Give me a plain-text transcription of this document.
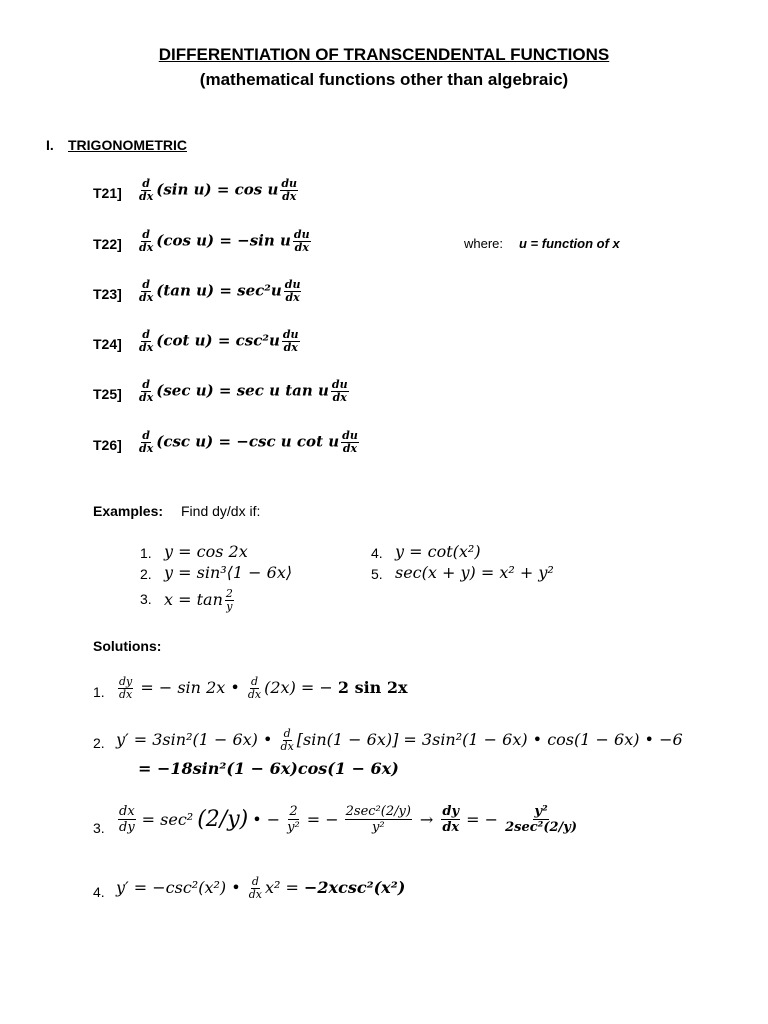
DIFFERENTIATION OF TRANSCENDENTAL FUNCTIONS
(mathematical functions other than algebraic)
I. TRIGONOMETRIC
$T21] \frac{d}{dx} (\sin$ u) = cos u $\frac{du}{dx}$
$T22] \frac{d}{dx} (\cos$ u) = −sin u $\frac{du}{dx}$
$T23] \frac{d}{dx} (\tan$ $u) = \sec^2u \frac{du}{dx}$
$T24] \frac{d}{dx} (\cot$ $u) = \csc^2u \frac{du}{dx}$
$T25] \frac{d}{dx} (\sec$ u) = sec u tan u $\frac{du}{dx}$
$T26] \frac{d}{dx} (\csc$ u) = −csc u cot u $\frac{du}{dx}$
where: u = function of x
Examples: Find dy/dx if:
1. y = cos 2x
2. y = sin³⟨1 − 6x⟩
3. $x = \tan \frac{2}{y}$
4. y = cot(x²)
5. sec(x + y) = x² + y²
Solutions:
1. $\frac{dy}{dx}$ = − sin 2x • $\frac{d}{dx} (2x)$ = − 2 sin 2x
2. y′ = 3sin²(1 − 6x) • $\frac{d}{dx} [\sin(1 - 6x)] = 3\sin^2(1 - 6x)$ • cos(1 − 6x) • −6
= −18sin²(1 − 6x)cos(1 − 6x)
3. $\frac{dx}{dy} = \sec^2$ (2/y) • − $\frac{2}{\text{y²}}$ = − $\frac{\text{2sec²(2/y)}}{\text{y²}} \to \frac{dy}{dx}$ = − $\frac{\text{y²}}{\text{2sec²(2/y)}}$
4. y′ = −csc²(x²) • $\frac{d}{dx} x^2 = -2xcsc^2(x^2)$
